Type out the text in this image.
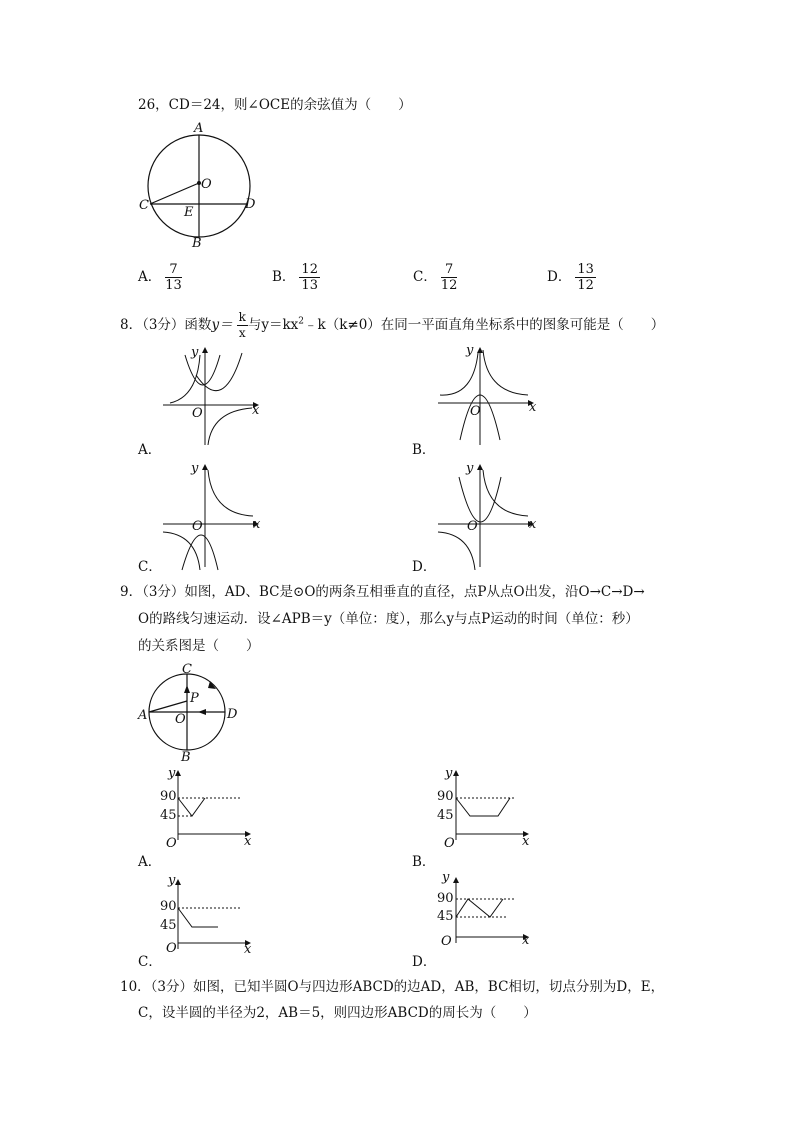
26，CD＝24，则∠OCE的余弦值为（　　）
A
O
C	E
D
B
A． $\frac{7}{13}$	B． $\frac{12}{13}$	C． $\frac{7}{12}$	D． $\frac{13}{12}$
8．（3分）函数$y= \frac{k}{x}$ 与$y=kx^2﹣k(k\ne 0)$在同一平面直角坐标系中的图象可能是（　　）
y
O	x
A．
y
O	x
B．
y
O	x
C．
y
O	x
D．
9．（3分）如图，AD、BC是⊙O的两条互相垂直的直径，点P从点O出发，沿O→C→D→
O的路线匀速运动．设∠APB＝y（单位：度），那么y与点P运动的时间（单位：秒）
的关系图是（　　）
C
P
A O	D
B
y
90
45
O	x
A．
y
90
45
O	x
B．
y
90
45
O	x
C．
y
90
45
O	x
D．
10．（3分）如图，已知半圆O与四边形ABCD的边AD，AB，BC相切，切点分别为D，E，
C，设半圆的半径为2，AB＝5，则四边形ABCD的周长为（　　）
